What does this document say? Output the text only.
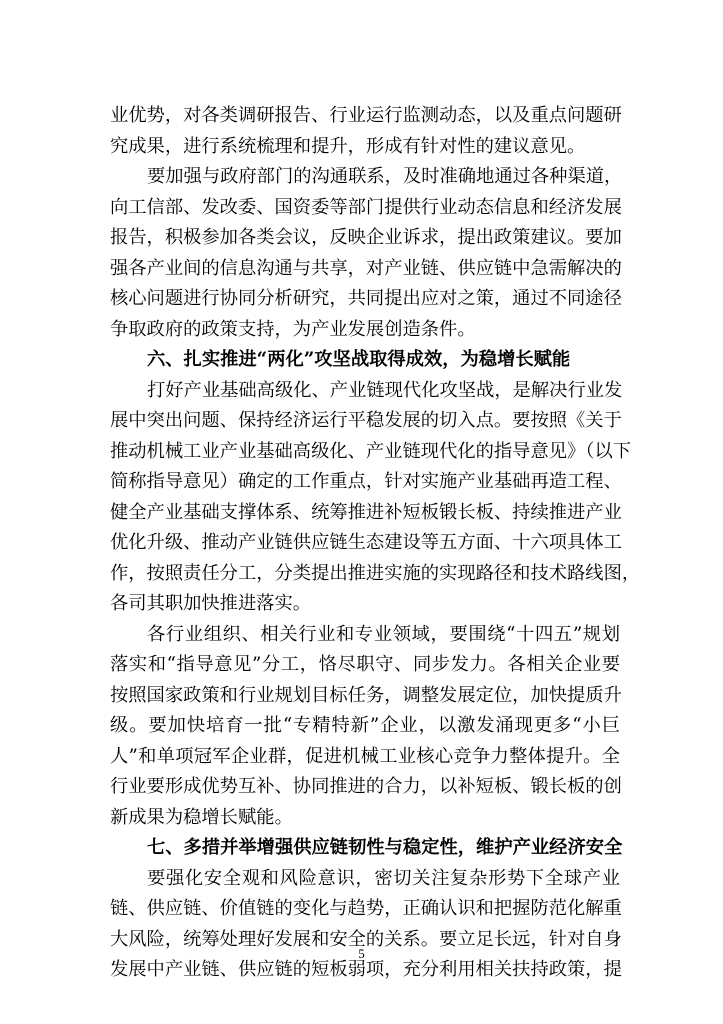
业优势，对各类调研报告、行业运行监测动态，以及重点问题研
究成果，进行系统梳理和提升，形成有针对性的建议意见。
要加强与政府部门的沟通联系，及时准确地通过各种渠道，
向工信部、发改委、国资委等部门提供行业动态信息和经济发展
报告，积极参加各类会议，反映企业诉求，提出政策建议。要加
强各产业间的信息沟通与共享，对产业链、供应链中急需解决的
核心问题进行协同分析研究，共同提出应对之策，通过不同途径
争取政府的政策支持，为产业发展创造条件。
六、扎实推进“两化”攻坚战取得成效，为稳增长赋能
打好产业基础高级化、产业链现代化攻坚战，是解决行业发
展中突出问题、保持经济运行平稳发展的切入点。要按照《关于
推动机械工业产业基础高级化、产业链现代化的指导意见》（以下
简称指导意见）确定的工作重点，针对实施产业基础再造工程、
健全产业基础支撑体系、统筹推进补短板锻长板、持续推进产业
优化升级、推动产业链供应链生态建设等五方面、十六项具体工
作，按照责任分工，分类提出推进实施的实现路径和技术路线图，
各司其职加快推进落实。
各行业组织、相关行业和专业领域，要围绕“十四五”规划
落实和“指导意见”分工，恪尽职守、同步发力。各相关企业要
按照国家政策和行业规划目标任务，调整发展定位，加快提质升
级。要加快培育一批“专精特新”企业，以激发涌现更多“小巨
人”和单项冠军企业群，促进机械工业核心竞争力整体提升。全
行业要形成优势互补、协同推进的合力，以补短板、锻长板的创
新成果为稳增长赋能。
七、多措并举增强供应链韧性与稳定性，维护产业经济安全
要强化安全观和风险意识，密切关注复杂形势下全球产业
链、供应链、价值链的变化与趋势，正确认识和把握防范化解重
大风险，统筹处理好发展和安全的关系。要立足长远，针对自身
发展中产业链、供应链的短板弱项，充分利用相关扶持政策，提
5
